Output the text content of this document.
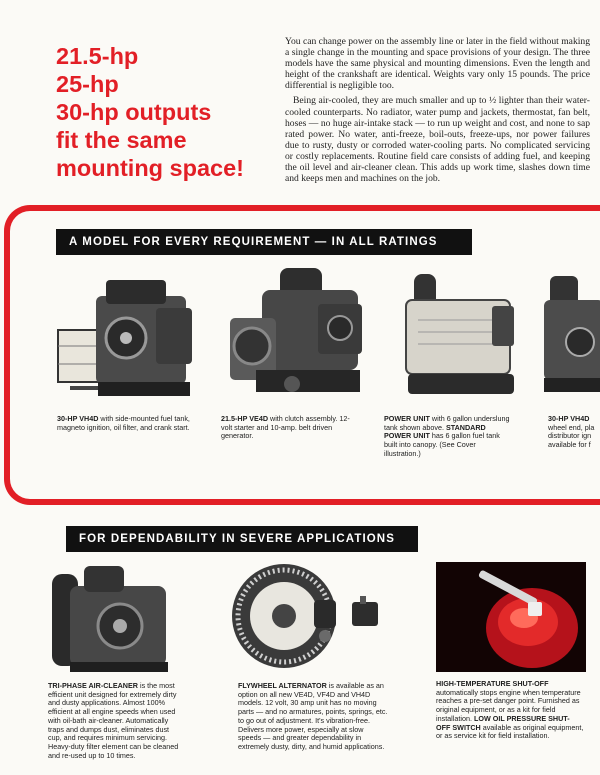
21.5-hp
25-hp
30-hp outputs
fit the same
mounting space!

You can change power on the assembly line or later in the field without making a single change in the mounting and space provisions of your design. The three models have the same physical and mounting dimensions. Even the length and height of the crankshaft are identical. Weights vary only 15 pounds. The price differential is negligible too.

Being air-cooled, they are much smaller and up to ½ lighter than their water-cooled counterparts. No radiator, water pump and jackets, thermostat, fan belt, hoses — no huge air-intake stack — to run up weight and cost, and none to sap rated power. No water, anti-freeze, boil-outs, freeze-ups, nor power failures due to rusty, dusty or corroded water-cooling parts. No complicated servicing or costly replacements. Routine field care consists of adding fuel, and keeping the oil level and air-cleaner clean. This adds up work time, slashes down time and keeps men and machines on the job.

A MODEL FOR EVERY REQUIREMENT — IN ALL RATINGS
30-HP VH4D with side-mounted fuel tank, magneto ignition, oil filter, and crank start.
21.5-HP VE4D with clutch assembly. 12-volt starter and 10-amp. belt driven generator.
POWER UNIT with 6 gallon underslung tank shown above. STANDARD POWER UNIT has 6 gallon fuel tank built into canopy. (See Cover illustration.)
30-HP VH4D wheel end, pla distributor ign available for f
FOR DEPENDABILITY IN SEVERE APPLICATIONS
TRI-PHASE AIR-CLEANER is the most efficient unit designed for extremely dirty and dusty applications. Almost 100% efficient at all engine speeds when used with oil-bath air-cleaner. Automatically traps and dumps dust, eliminates dust cup, and requires minimum servicing. Heavy-duty filter element can be cleaned and re-used up to 10 times.
FLYWHEEL ALTERNATOR is available as an option on all new VE4D, VF4D and VH4D models. 12 volt, 30 amp unit has no moving parts — and no armatures, points, springs, etc. to go out of adjustment. It's vibration-free. Delivers more power, especially at slow speeds — and greater dependability in extremely dusty, dirty, and humid applications.
HIGH-TEMPERATURE SHUT-OFF automatically stops engine when temperature reaches a pre-set danger point. Furnished as original equipment, or as a kit for field installation. LOW OIL PRESSURE SHUT-OFF SWITCH available as original equipment, or as service kit for field installation.
